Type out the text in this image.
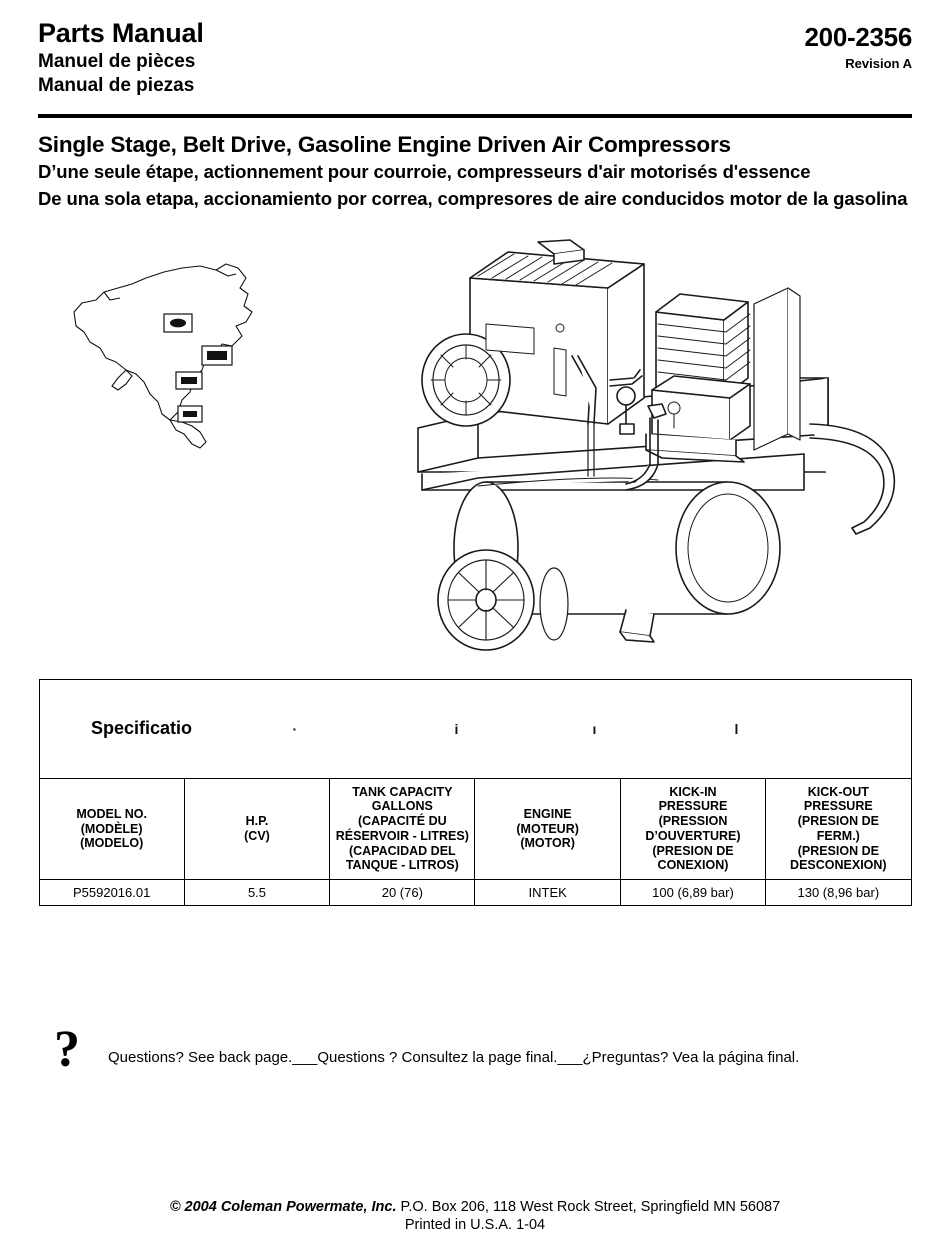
Parts Manual
Manuel de pièces
Manual de piezas
200-2356
Revision A
Single Stage, Belt Drive, Gasoline Engine Driven Air Compressors
D’une seule étape, actionnement pour courroie, compresseurs d'air motorisés d'essence
De una sola etapa, accionamiento por correa, compresores de aire conducidos motor de la gasolina
Specificatio · i ı l					

MODEL NO.
(MODÈLE)
(MODELO)	H.P.
(CV)	TANK CAPACITY
GALLONS
(CAPACITÉ DU
RÉSERVOIR - LITRES)
(CAPACIDAD DEL
TANQUE - LITROS)	ENGINE
(MOTEUR)
(MOTOR)	KICK-IN
PRESSURE
(PRESSION
D’OUVERTURE)
(PRESION DE
CONEXION)	KICK-OUT
PRESSURE
(PRESION DE
FERM.)
(PRESION DE
DESCONEXION)
P5592016.01	5.5	20 (76)	INTEK	100 (6,89 bar)	130 (8,96 bar)
?	Questions? See back page.___Questions ? Consultez la page final.___¿Preguntas? Vea la página final.
© 2004 Coleman Powermate, Inc. P.O. Box 206, 118 West Rock Street, Springfield MN 56087
Printed in U.S.A. 1-04
